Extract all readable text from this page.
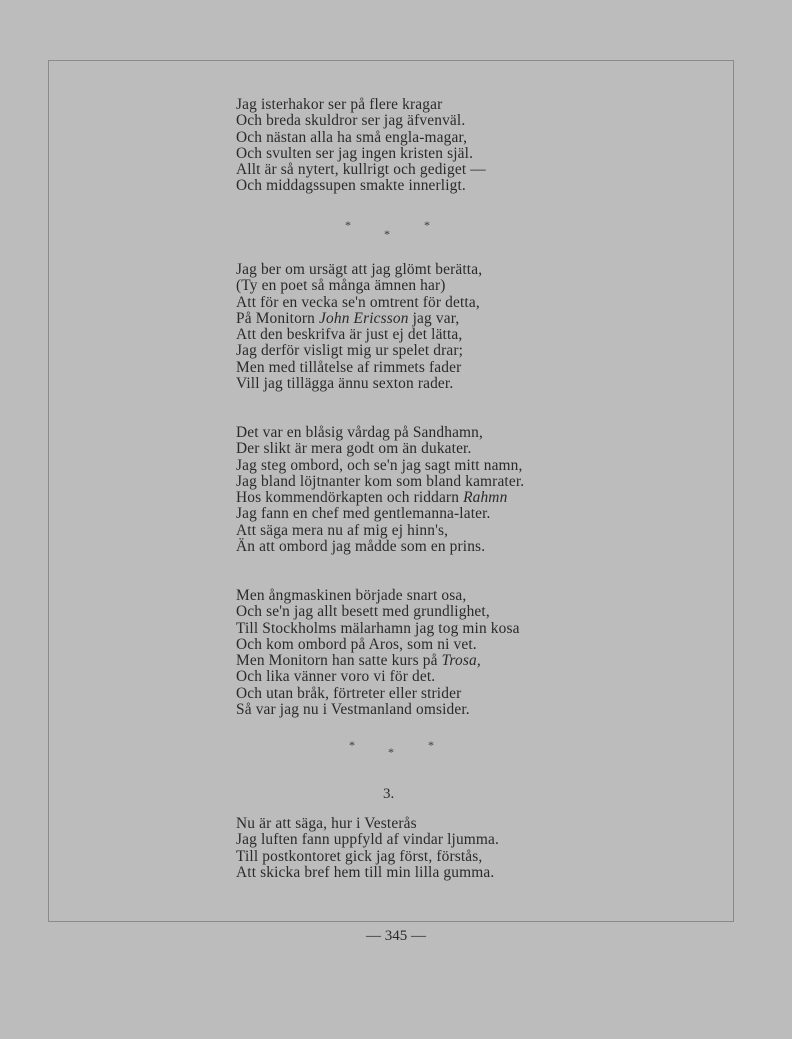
Jag isterhakor ser på flere kragar
Och breda skuldror ser jag äfvenväl.
Och nästan alla ha små engla-magar,
Och svulten ser jag ingen kristen själ.
Allt är så nytert, kullrigt och gediget —
Och middagssupen smakte innerligt.
*	*
*
Jag ber om ursägt att jag glömt berätta,
(Ty en poet så många ämnen har)
Att för en vecka se'n omtrent för detta,
På Monitorn John Ericsson jag var,
Att den beskrifva är just ej det lätta,
Jag derför visligt mig ur spelet drar;
Men med tillåtelse af rimmets fader
Vill jag tillägga ännu sexton rader.
Det var en blåsig vårdag på Sandhamn,
Der slikt är mera godt om än dukater.
Jag steg ombord, och se'n jag sagt mitt namn,
Jag bland löjtnanter kom som bland kamrater.
Hos kommendörkapten och riddarn Rahmn
Jag fann en chef med gentlemanna-later.
Att säga mera nu af mig ej hinn's,
Än att ombord jag mådde som en prins.
Men ångmaskinen började snart osa,
Och se'n jag allt besett med grundlighet,
Till Stockholms mälarhamn jag tog min kosa
Och kom ombord på Aros, som ni vet.
Men Monitorn han satte kurs på Trosa,
Och lika vänner voro vi för det.
Och utan bråk, förtreter eller strider
Så var jag nu i Vestmanland omsider.
*	*
*
3.
Nu är att säga, hur i Vesterås
Jag luften fann uppfyld af vindar ljumma.
Till postkontoret gick jag först, förstås,
Att skicka bref hem till min lilla gumma.
— 345 —
